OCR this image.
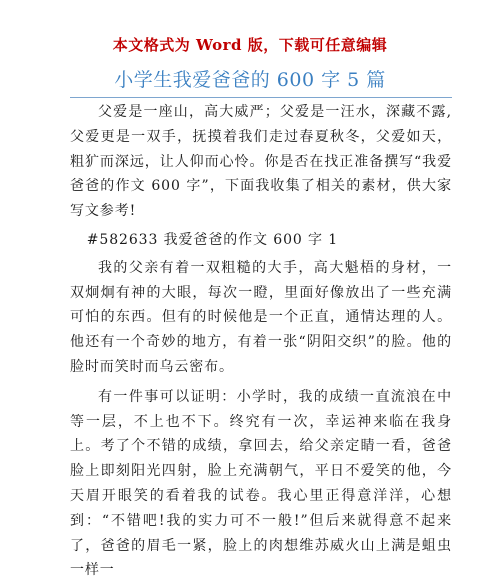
本文格式为 Word 版，下载可任意编辑
小学生我爱爸爸的 600 字 5 篇

父爱是一座山，高大威严；父爱是一汪水，深藏不露,父爱更是一双手，抚摸着我们走过春夏秋冬，父爱如天，粗犷而深远，让人仰而心怜。你是否在找正准备撰写“我爱爸爸的作文 600 字”，下面我收集了相关的素材，供大家写文参考!

#582633 我爱爸爸的作文 600 字 1

我的父亲有着一双粗糙的大手，高大魁梧的身材，一双炯炯有神的大眼，每次一瞪，里面好像放出了一些充满可怕的东西。但有的时候他是一个正直，通情达理的人。他还有一个奇妙的地方，有着一张“阴阳交织”的脸。他的脸时而笑时而乌云密布。

有一件事可以证明：小学时，我的成绩一直流浪在中等一层，不上也不下。终究有一次，幸运神来临在我身上。考了个不错的成绩，拿回去，给父亲定睛一看，爸爸脸上即刻阳光四射，脸上充满朝气，平日不爱笑的他，今天眉开眼笑的看着我的试卷。我心里正得意洋洋，心想到：“不错吧!我的实力可不一般!”但后来就得意不起来了，爸爸的眉毛一紧，脸上的肉想维苏威火山上满是蛆虫一样一
